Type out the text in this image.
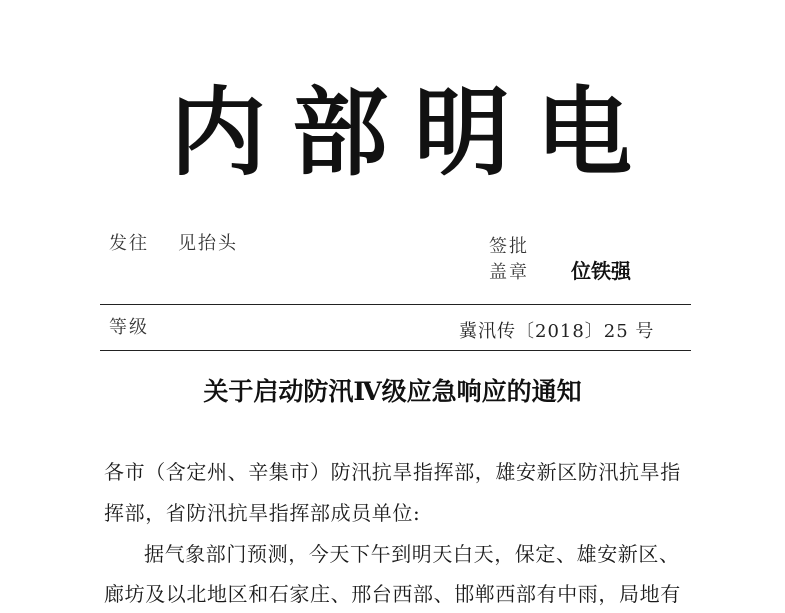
内 部 明 电
发往 见抬头	签批
盖章 位铁强
等级	冀汛传〔2018〕25 号
关于启动防汛Ⅳ级应急响应的通知
各市（含定州、辛集市）防汛抗旱指挥部，雄安新区防汛抗旱指
挥部，省防汛抗旱指挥部成员单位:
据气象部门预测，今天下午到明天白天，保定、雄安新区、
廊坊及以北地区和石家庄、邢台西部、邯郸西部有中雨，局地有
